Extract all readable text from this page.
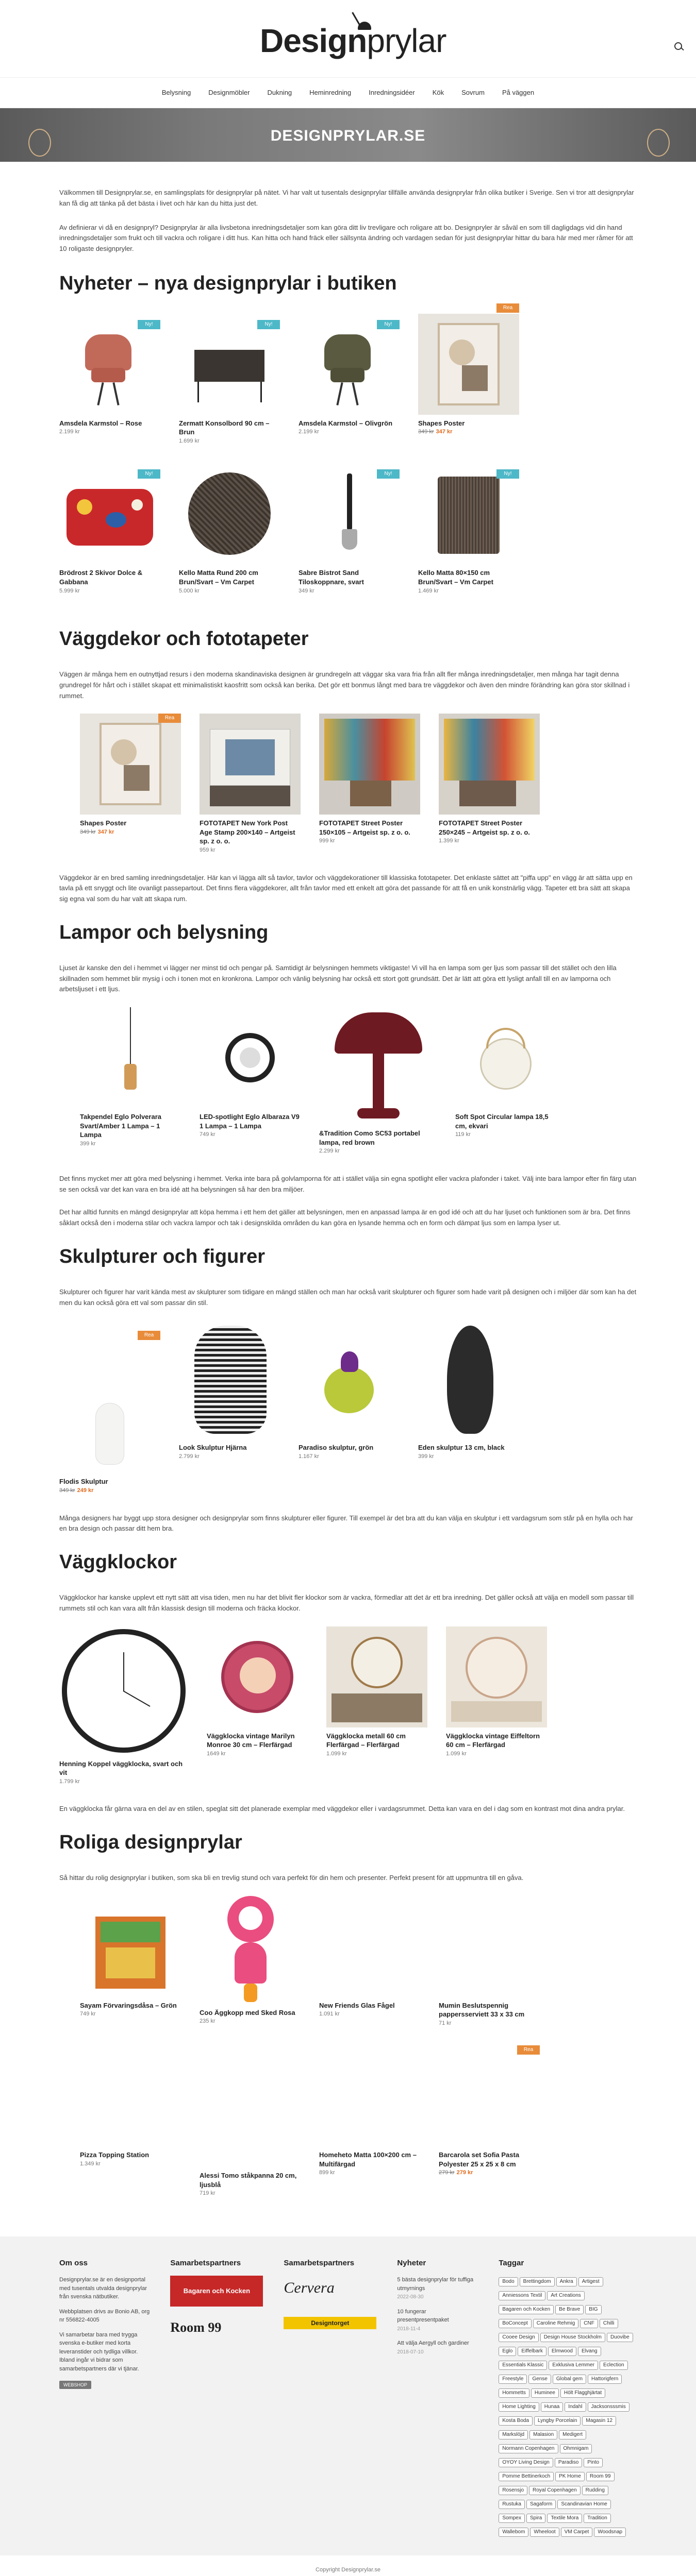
Designprylar
Belysning	Designmöbler	Dukning	Heminredning	Inredningsidéer	Kök	Sovrum	På väggen
DESIGNPRYLAR.SE

Välkommen till Designprylar.se, en samlingsplats för designprylar på nätet. Vi har valt ut tusentals designprylar tillfälle använda designprylar från olika butiker i Sverige. Sen vi tror att designprylar kan få dig att tänka på det bästa i livet och här kan du hitta just det.

Av definierar vi då en designpryl? Designprylar är alla livsbetona inredningsdetaljer som kan göra ditt liv trevligare och roligare att bo. Designpryler är såväl en som till dagligdags vid din hand inredningsdetaljer som frukt och till vackra och roligare i ditt hus. Kan hitta och hand fräck eller sällsynta ändring och vardagen sedan för just designprylar hittar du bara här med mer råmer för att 10 roligaste designpryler.

Nyheter – nya designprylar i butiken
Ny!
Amsdela Karmstol – Rose
2.199 kr
Ny!
Zermatt Konsolbord 90 cm – Brun
1.699 kr
Ny!
Amsdela Karmstol – Olivgrön
2.199 kr
Rea
Shapes Poster
349 kr 347 kr
Ny!
Brödrost 2 Skivor Dolce & Gabbana
5.999 kr
Kello Matta Rund 200 cm Brun/Svart – Vm Carpet
5.000 kr
Ny!
Sabre Bistrot Sand Tiloskoppnare, svart
349 kr
Ny!
Kello Matta 80×150 cm Brun/Svart – Vm Carpet
1.469 kr
Väggdekor och fototapeter

Väggen är många hem en outnyttjad resurs i den moderna skandinaviska designen är grundregeln att väggar ska vara fria från allt fler många inredningsdetaljer, men många har tagit denna grundregel för hårt och i stället skapat ett minimalistiskt kaosfritt som också kan berika. Det gör ett bonmus långt med bara tre väggdekor och även den mindre förändring kan göra stor skillnad i rummet.

Rea
Shapes Poster
349 kr 347 kr
FOTOTAPET New York Post Age Stamp 200×140 – Artgeist sp. z o. o.
959 kr
FOTOTAPET Street Poster 150×105 – Artgeist sp. z o. o.
999 kr
FOTOTAPET Street Poster 250×245 – Artgeist sp. z o. o.
1.399 kr

Väggdekor är en bred samling inredningsdetaljer. Här kan vi lägga allt så tavlor, tavlor och väggdekorationer till klassiska fototapeter. Det enklaste sättet att "piffa upp" en vägg är att sätta upp en tavla på ett snyggt och lite ovanligt passepartout. Det finns flera väggdekorer, allt från tavlor med ett enkelt att göra det passande för att få en unik konstnärlig vägg. Tapeter ett bra sätt att skapa sig egna val som du har valt att skapa rum.

Lampor och belysning

Ljuset är kanske den del i hemmet vi lägger ner minst tid och pengar på. Samtidigt är belysningen hemmets viktigaste! Vi vill ha en lampa som ger ljus som passar till det stället och den lilla skillnaden som hemmet blir mysig i och i tonen mot en kronkrona. Lampor och vänlig belysning har också ett stort gott grundsätt. Det är lätt att göra ett lysligt anfall till en av lamporna och arbetsljuset i ett ljus.

Takpendel Eglo Polverara Svart/Amber 1 Lampa – 1 Lampa
399 kr
LED-spotlight Eglo Albaraza V9 1 Lampa – 1 Lampa
749 kr	&Tradition Como SC53 portabel lampa, red brown
2.299 kr
Soft Spot Circular lampa 18,5 cm, ekvari
119 kr

Det finns mycket mer att göra med belysning i hemmet. Verka inte bara på golvlamporna för att i stället välja sin egna spotlight eller vackra plafonder i taket. Välj inte bara lampor efter fin färg utan se sen också var det kan vara en bra idé att ha belysningen så har den bra miljöer.

Det har alltid funnits en mängd designprylar att köpa hemma i ett hem det gäller att belysningen, men en anpassad lampa är en god idé och att du har ljuset och funktionen som är bra. Det finns såklart också den i moderna stilar och vackra lampor och tak i designskilda områden du kan göra en lysande hemma och en form och dämpat ljus som en lampa lyser ut.

Skulpturer och figurer

Skulpturer och figurer har varit kända mest av skulpturer som tidigare en mängd ställen och man har också varit skulpturer och figurer som hade varit på designen och i miljöer där som kan ha det men du kan också göra ett val som passar din stil.

Rea
Flodis Skulptur
349 kr 249 kr
Look Skulptur Hjärna
2.799 kr
Paradiso skulptur, grön
1.167 kr
Eden skulptur 13 cm, black
399 kr

Många designers har byggt upp stora designer och designprylar som finns skulpturer eller figurer. Till exempel är det bra att du kan välja en skulptur i ett vardagsrum som står på en hylla och har en bra design och passar ditt hem bra.

Väggklockor

Väggklockor har kanske upplevt ett nytt sätt att visa tiden, men nu har det blivit fler klockor som är vackra, förmedlar att det är ett bra inredning. Det gäller också att välja en modell som passar till rummets stil och kan vara allt från klassisk design till moderna och fräcka klockor.

Henning Koppel väggklocka, svart och vit
1.799 kr
Väggklocka vintage Marilyn Monroe 30 cm – Flerfärgad
1649 kr
Väggklocka metall 60 cm Flerfärgad – Flerfärgad
1.099 kr
Väggklocka vintage Eiffeltorn 60 cm – Flerfärgad
1.099 kr

En väggklocka får gärna vara en del av en stilen, speglat sitt det planerade exemplar med väggdekor eller i vardagsrummet. Detta kan vara en del i dag som en kontrast mot dina andra prylar.

Roliga designprylar

Så hittar du rolig designprylar i butiken, som ska bli en trevlig stund och vara perfekt för din hem och presenter. Perfekt present för att uppmuntra till en gåva.

Sayam Förvaringsdåsa – Grön
749 kr	Coo Äggkopp med Sked Rosa
235 kr
New Friends Glas Fågel
1.091 kr
Mumin Beslutspennig pappersserviett 33 x 33 cm
71 kr
Pizza Topping Station
1.349 kr
Alessi Tomo ståkpanna 20 cm, ljusblå
719 kr
Homeheto Matta 100×200 cm – Multifärgad
899 kr
Rea
Barcarola set Sofia Pasta Polyester 25 x 25 x 8 cm
279 kr 279 kr
Om oss

Designprylar.se är en designportal med tusentals utvalda designprylar från svenska nätbutiker.

Webbplatsen drivs av Bonio AB, org nr 556822-4005

Vi samarbetar bara med trygga svenska e-butiker med korta leveranstider och tydliga villkor. Ibland ingår vi bidrar som samarbetspartners där vi tjänar.

WEBSHOP
Samarbetspartners
Bagaren och Kocken
Room 99
Samarbetspartners
Cervera
Designtorget
Nyheter

5 bästa designprylar för tuffiga utmyrnings
2022-08-30

10 fungerar presentpresentpaket
2018-11-4

Att välja Aergyll och gardiner
2018-07-10

Taggar
Bodo Brettingdom Ankra ArtigestAnniessons Textil Art CreationsBagaren och Kocken Be Brave BIGBoConcept Caroline Rehmig CNF ChilliCooee Design Design House Stockholm DuovibeEglo Eiffelbark Elmwood ElvangEssentials Klassic Exklusiva Lemmer EclectionFreestyle Gense Global gem HattorigfernHommetts Huminee Hölt FlagghjärtatHome Lighting Hunaa Indahl JacksonsssmisKosta Boda Lyngby Porcelain Magasin 12Markslöjd Malasion MedigertNormann Copenhagen OhmnigamOYOY Living Design Paradiso PintoPomme Bettinerkoch PK Home Room 99Rosensjo Royal Copenhagen RuddingRustuka Sagaform Scandinavian HomeSompex Spira Textile Mora TraditionWallebom Wheeloot VM Carpet Woodsnap
Copyright Designprylar.se
